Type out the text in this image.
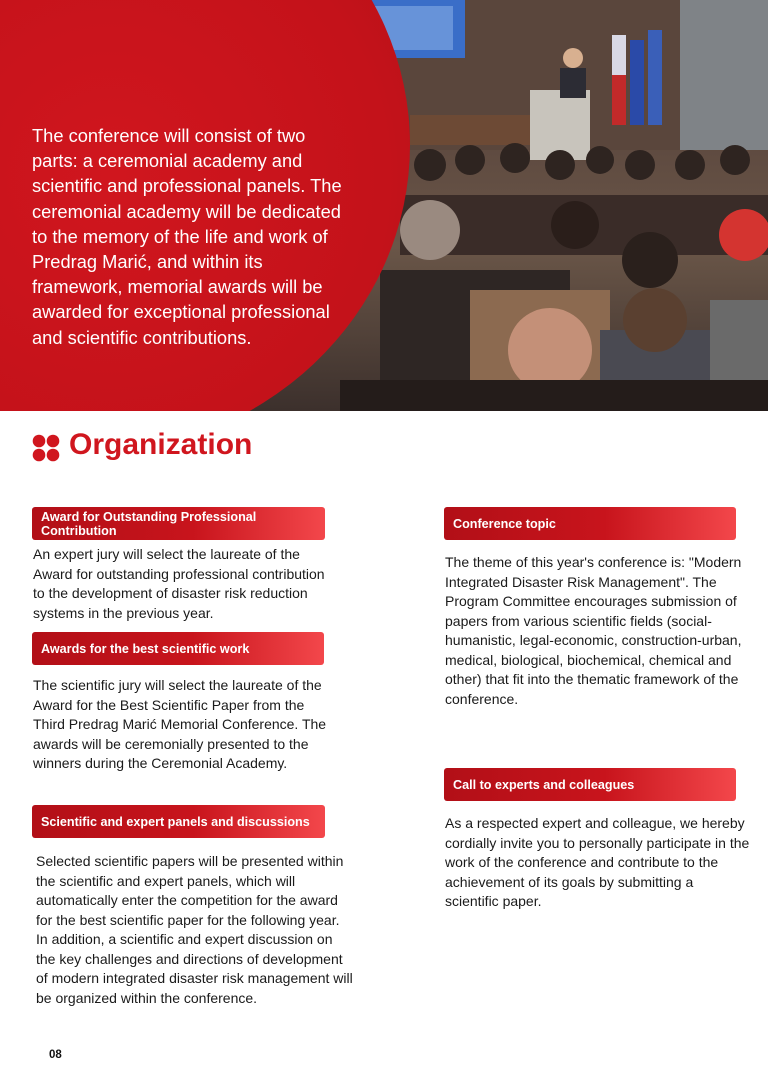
The conference will consist of two parts: a ceremonial academy and scientific and professional panels. The ceremonial academy will be dedicated to the memory of the life and work of Predrag Marić, and within its framework, memorial awards will be awarded for exceptional professional and scientific contributions.

Organization
Award for Outstanding Professional Contribution

An expert jury will select the laureate of the Award for outstanding professional contribution to the development of disaster risk reduction systems in the previous year.

Awards for the best scientific work

The scientific jury will select the laureate of the Award for the Best Scientific Paper from the Third Predrag Marić Memorial Conference. The awards will be ceremonially presented to the winners during the Ceremonial Academy.

Scientific and expert panels and discussions

Selected scientific papers will be presented within the scientific and expert panels, which will automatically enter the competition for the award for the best scientific paper for the following year. In addition, a scientific and expert discussion on the key challenges and directions of development of modern integrated disaster risk management will be organized within the conference.

Conference topic

The theme of this year's conference is: "Modern Integrated Disaster Risk Management". The Program Committee encourages submission of papers from various scientific fields (social-humanistic, legal-economic, construction-urban, medical, biological, biochemical, chemical and other) that fit into the thematic framework of the conference.

Call to experts and colleagues

As a respected expert and colleague, we hereby cordially invite you to personally participate in the work of the conference and contribute to the achievement of its goals by submitting a scientific paper.

08
